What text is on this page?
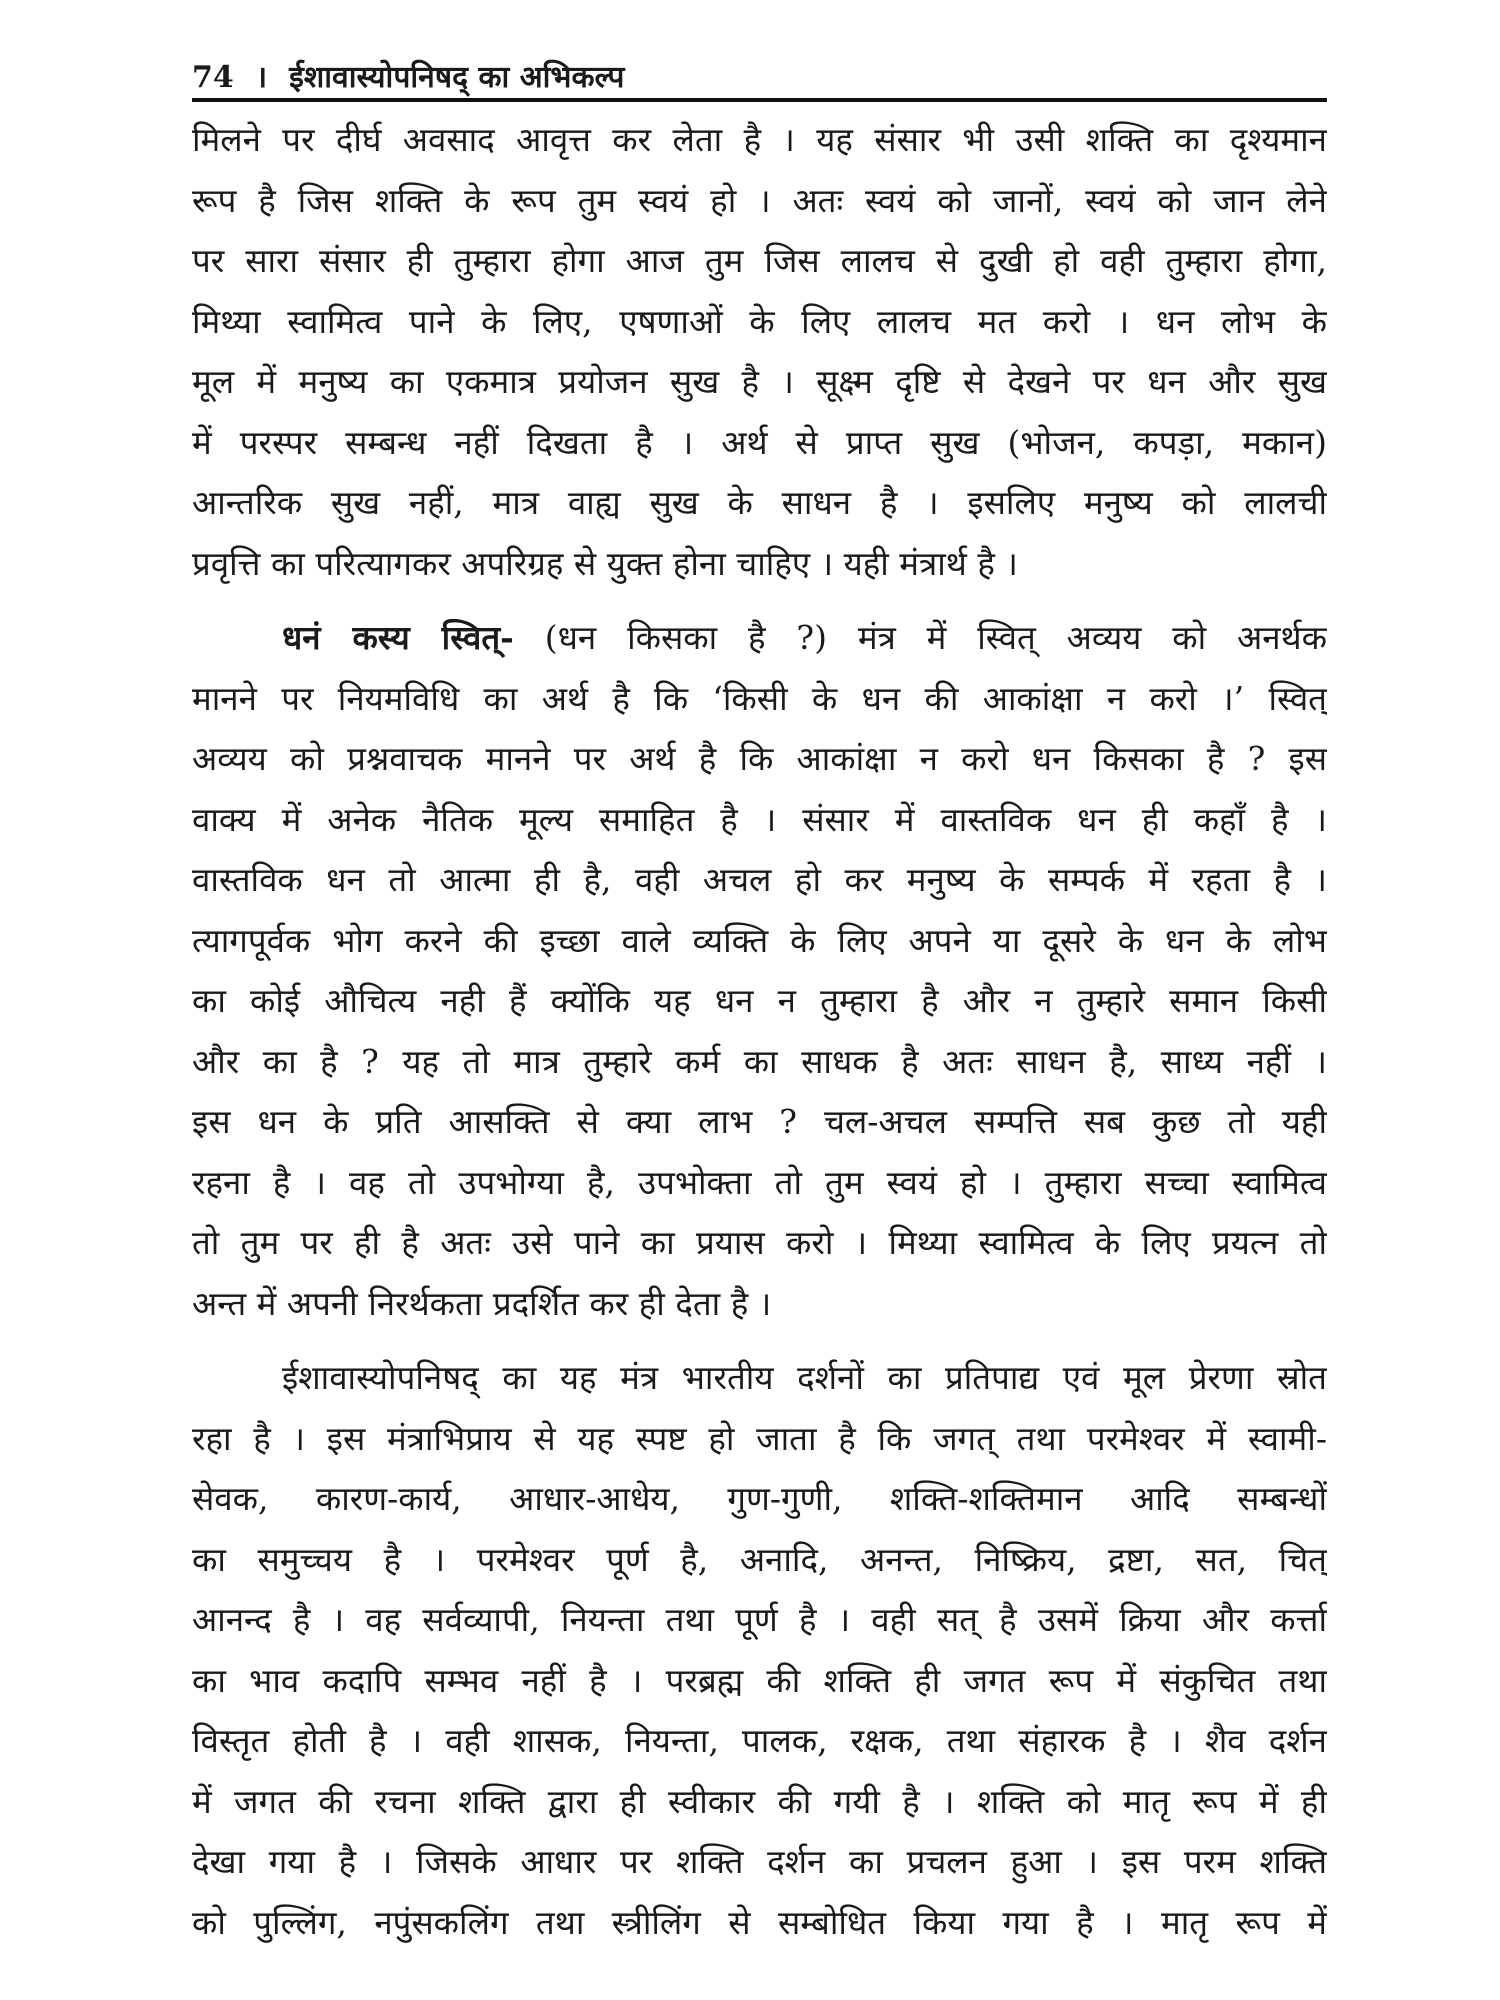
74 । ईशावास्योपनिषद् का अभिकल्प
मिलने पर दीर्घ अवसाद आवृत्त कर लेता है । यह संसार भी उसी शक्ति का दृश्यमान
रूप है जिस शक्ति के रूप तुम स्वयं हो । अतः स्वयं को जानों, स्वयं को जान लेने
पर सारा संसार ही तुम्हारा होगा आज तुम जिस लालच से दुखी हो वही तुम्हारा होगा,
मिथ्या स्वामित्व पाने के लिए, एषणाओं के लिए लालच मत करो । धन लोभ के
मूल में मनुष्य का एकमात्र प्रयोजन सुख है । सूक्ष्म दृष्टि से देखने पर धन और सुख
में परस्पर सम्बन्ध नहीं दिखता है । अर्थ से प्राप्त सुख (भोजन, कपड़ा, मकान)
आन्तरिक सुख नहीं, मात्र वाह्य सुख के साधन है । इसलिए मनुष्य को लालची
प्रवृत्ति का परित्यागकर अपरिग्रह से युक्त होना चाहिए । यही मंत्रार्थ है ।
धनं कस्य स्वित्- (धन किसका है ?) मंत्र में स्वित् अव्यय को अनर्थक
मानने पर नियमविधि का अर्थ है कि ‘किसी के धन की आकांक्षा न करो ।’ स्वित्
अव्यय को प्रश्नवाचक मानने पर अर्थ है कि आकांक्षा न करो धन किसका है ? इस
वाक्य में अनेक नैतिक मूल्य समाहित है । संसार में वास्तविक धन ही कहाँ है ।
वास्तविक धन तो आत्मा ही है, वही अचल हो कर मनुष्य के सम्पर्क में रहता है ।
त्यागपूर्वक भोग करने की इच्छा वाले व्यक्ति के लिए अपने या दूसरे के धन के लोभ
का कोई औचित्य नही हैं क्योंकि यह धन न तुम्हारा है और न तुम्हारे समान किसी
और का है ? यह तो मात्र तुम्हारे कर्म का साधक है अतः साधन है, साध्य नहीं ।
इस धन के प्रति आसक्ति से क्या लाभ ? चल-अचल सम्पत्ति सब कुछ तो यही
रहना है । वह तो उपभोग्या है, उपभोक्ता तो तुम स्वयं हो । तुम्हारा सच्चा स्वामित्व
तो तुम पर ही है अतः उसे पाने का प्रयास करो । मिथ्या स्वामित्व के लिए प्रयत्न तो
अन्त में अपनी निरर्थकता प्रदर्शित कर ही देता है ।
ईशावास्योपनिषद् का यह मंत्र भारतीय दर्शनों का प्रतिपाद्य एवं मूल प्रेरणा स्रोत
रहा है । इस मंत्राभिप्राय से यह स्पष्ट हो जाता है कि जगत् तथा परमेश्वर में स्वामी-
सेवक, कारण-कार्य, आधार-आधेय, गुण-गुणी, शक्ति-शक्तिमान आदि सम्बन्धों
का समुच्चय है । परमेश्वर पूर्ण है, अनादि, अनन्त, निष्क्रिय, द्रष्टा, सत, चित्
आनन्द है । वह सर्वव्यापी, नियन्ता तथा पूर्ण है । वही सत् है उसमें क्रिया और कर्त्ता
का भाव कदापि सम्भव नहीं है । परब्रह्म की शक्ति ही जगत रूप में संकुचित तथा
विस्तृत होती है । वही शासक, नियन्ता, पालक, रक्षक, तथा संहारक है । शैव दर्शन
में जगत की रचना शक्ति द्वारा ही स्वीकार की गयी है । शक्ति को मातृ रूप में ही
देखा गया है । जिसके आधार पर शक्ति दर्शन का प्रचलन हुआ । इस परम शक्ति
को पुल्लिंग, नपुंसकलिंग तथा स्त्रीलिंग से सम्बोधित किया गया है । मातृ रूप में
